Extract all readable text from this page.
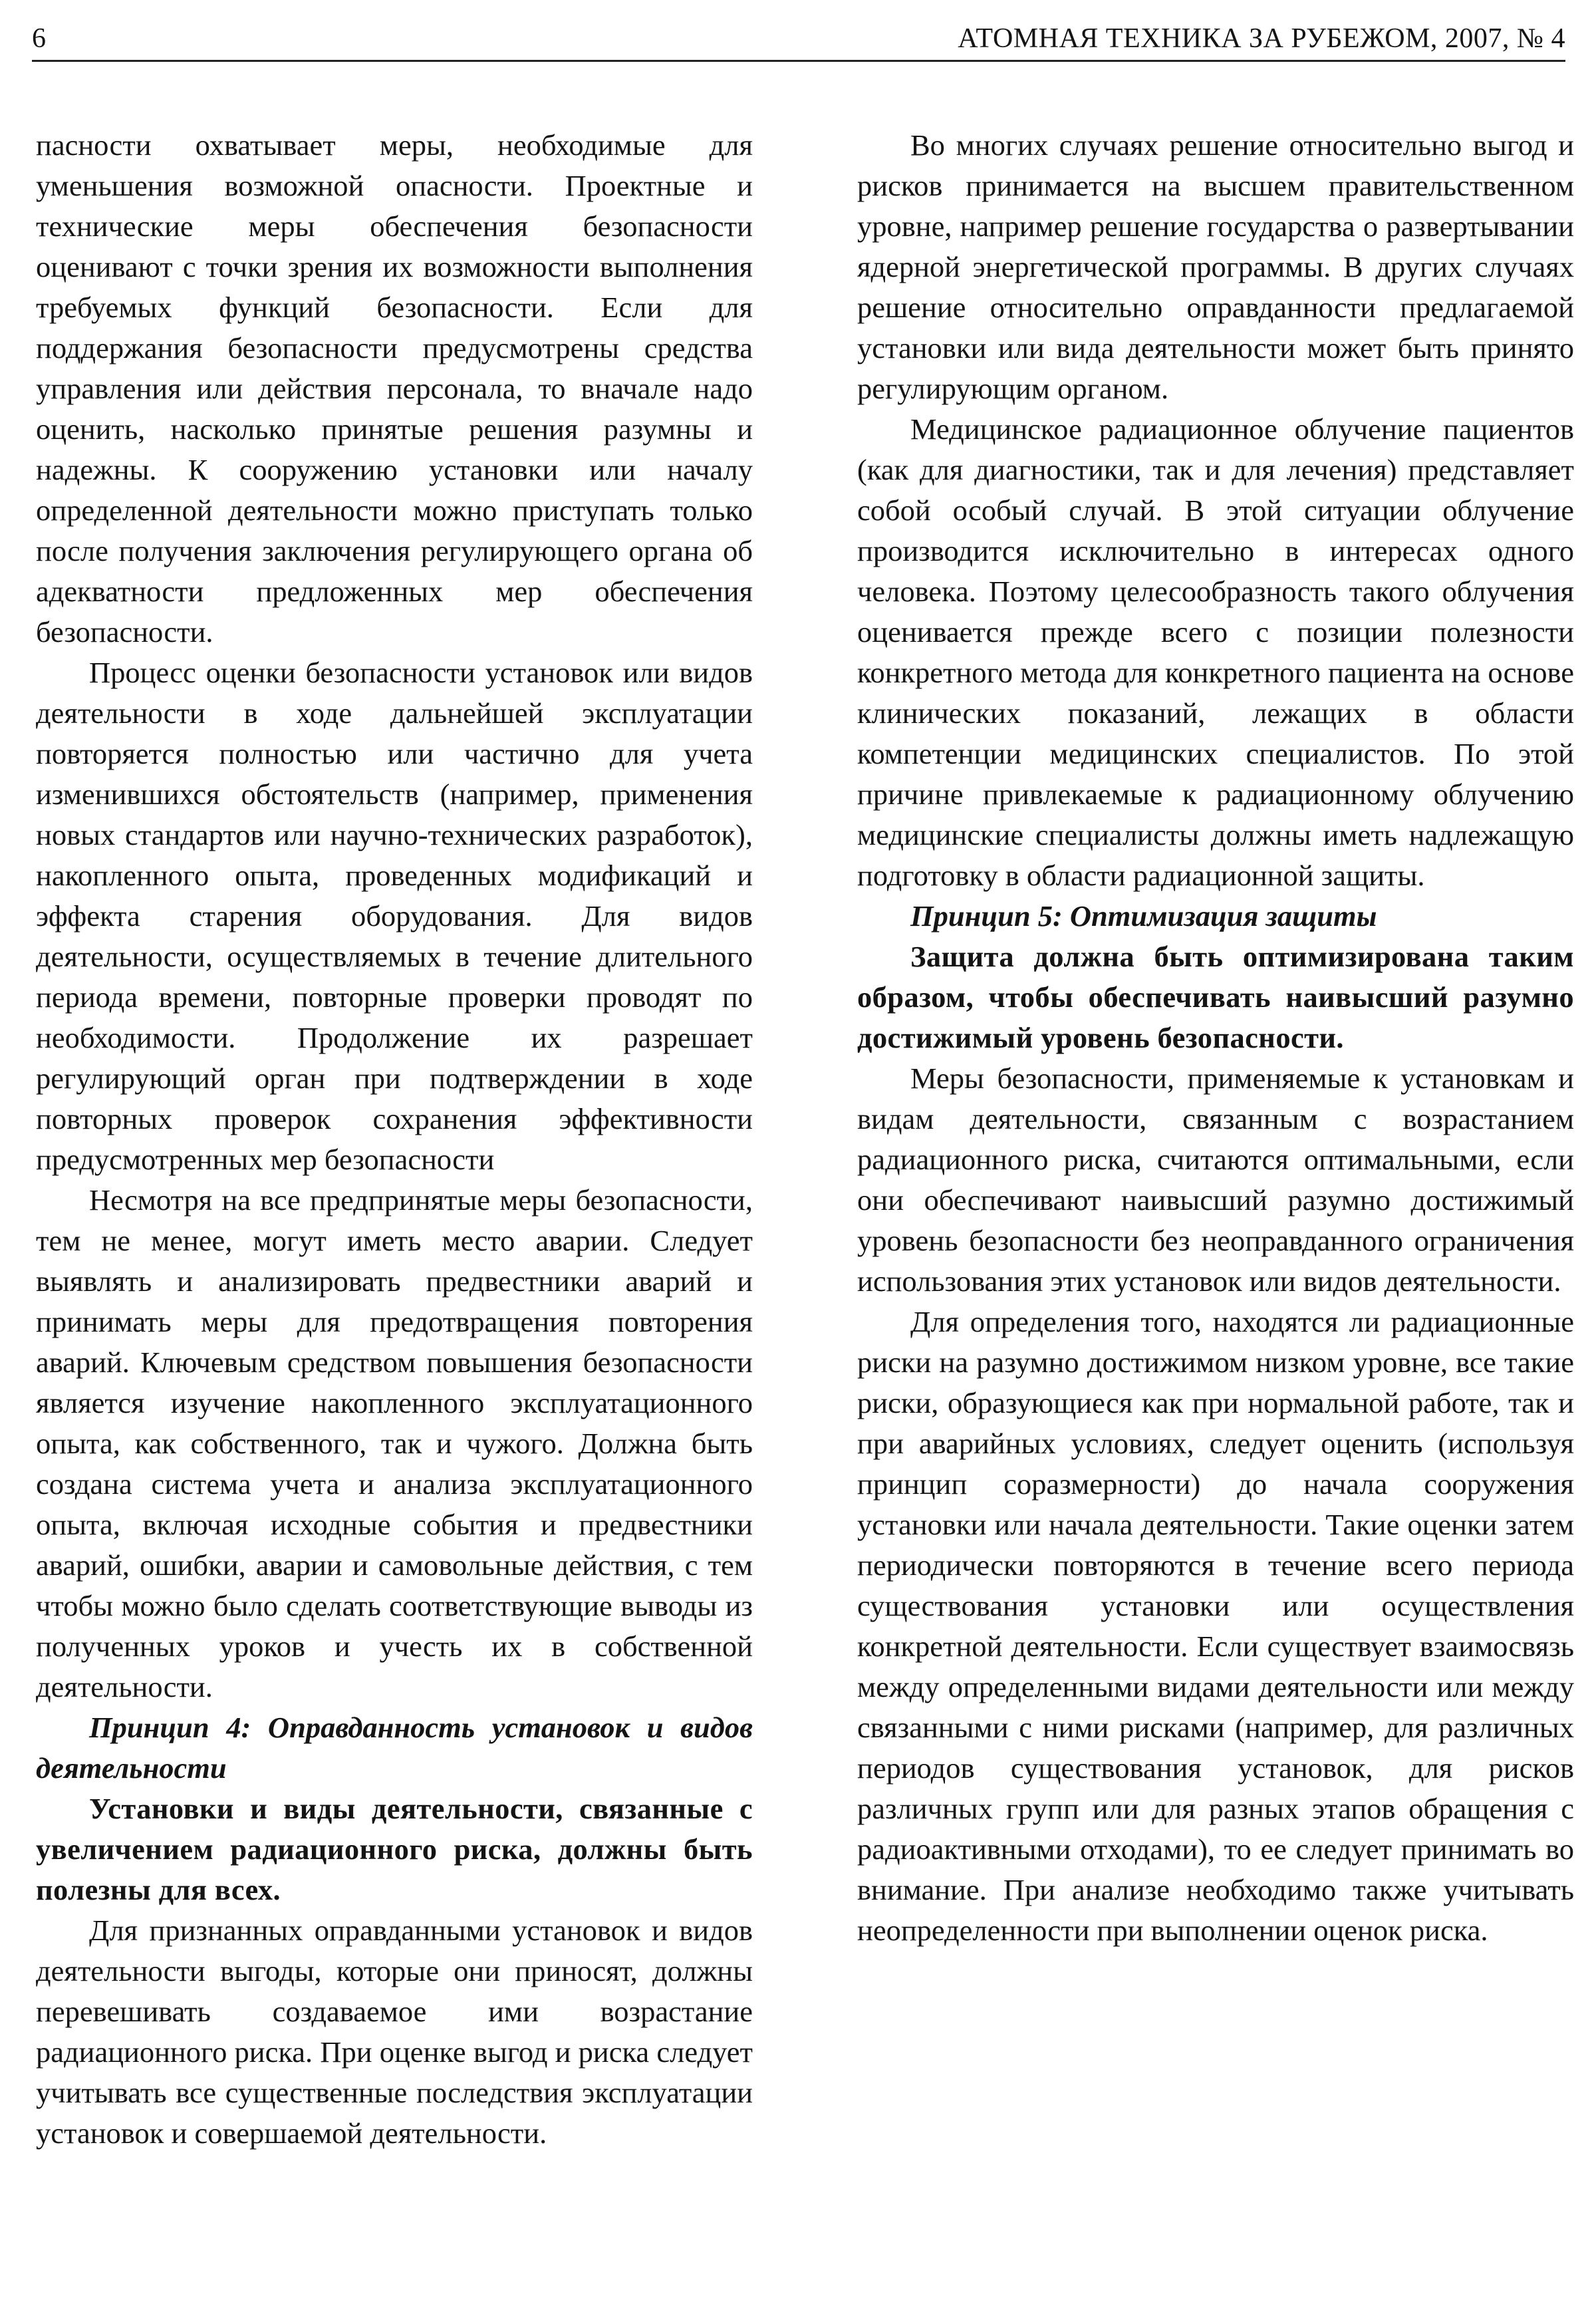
6	АТОМНАЯ ТЕХНИКА ЗА РУБЕЖОМ, 2007, № 4

пасности охватывает меры, необходимые для уменьшения возможной опасности. Проектные и технические меры обеспечения безопасности оценивают с точки зрения их возможности выполнения требуемых функций безопасности. Если для поддержания безопасности предусмотрены средства управления или действия персонала, то вначале надо оценить, насколько принятые решения разумны и надежны. К сооружению установки или началу определенной деятельности можно приступать только после получения заключения регулирующего органа об адекватности предложенных мер обеспечения безопасности.

Процесс оценки безопасности установок или видов деятельности в ходе дальнейшей эксплуатации повторяется полностью или частично для учета изменившихся обстоятельств (например, применения новых стандартов или научно-технических разработок), накопленного опыта, проведенных модификаций и эффекта старения оборудования. Для видов деятельности, осуществляемых в течение длительного периода времени, повторные проверки проводят по необходимости. Продолжение их разрешает регулирующий орган при подтверждении в ходе повторных проверок сохранения эффективности предусмотренных мер безопасности

Несмотря на все предпринятые меры безопасности, тем не менее, могут иметь место аварии. Следует выявлять и анализировать предвестники аварий и принимать меры для предотвращения повторения аварий. Ключевым средством повышения безопасности является изучение накопленного эксплуатационного опыта, как собственного, так и чужого. Должна быть создана система учета и анализа эксплуатационного опыта, включая исходные события и предвестники аварий, ошибки, аварии и самовольные действия, с тем чтобы можно было сделать соответствующие выводы из полученных уроков и учесть их в собственной деятельности.

Принцип 4: Оправданность установок и видов деятельности

Установки и виды деятельности, связанные с увеличением радиационного риска, должны быть полезны для всех.

Для признанных оправданными установок и видов деятельности выгоды, которые они приносят, должны перевешивать создаваемое ими возрастание радиационного риска. При оценке выгод и риска следует учитывать все существенные последствия эксплуатации установок и совершаемой деятельности.

Во многих случаях решение относительно выгод и рисков принимается на высшем правительственном уровне, например решение государства о развертывании ядерной энергетической программы. В других случаях решение относительно оправданности предлагаемой установки или вида деятельности может быть принято регулирующим органом.

Медицинское радиационное облучение пациентов (как для диагностики, так и для лечения) представляет собой особый случай. В этой ситуации облучение производится исключительно в интересах одного человека. Поэтому целесообразность такого облучения оценивается прежде всего с позиции полезности конкретного метода для конкретного пациента на основе клинических показаний, лежащих в области компетенции медицинских специалистов. По этой причине привлекаемые к радиационному облучению медицинские специалисты должны иметь надлежащую подготовку в области радиационной защиты.

Принцип 5: Оптимизация защиты

Защита должна быть оптимизирована таким образом, чтобы обеспечивать наивысший разумно достижимый уровень безопасности.

Меры безопасности, применяемые к установкам и видам деятельности, связанным с возрастанием радиационного риска, считаются оптимальными, если они обеспечивают наивысший разумно достижимый уровень безопасности без неоправданного ограничения использования этих установок или видов деятельности.

Для определения того, находятся ли радиационные риски на разумно достижимом низком уровне, все такие риски, образующиеся как при нормальной работе, так и при аварийных условиях, следует оценить (используя принцип соразмерности) до начала сооружения установки или начала деятельности. Такие оценки затем периодически повторяются в течение всего периода существования установки или осуществления конкретной деятельности. Если существует взаимосвязь между определенными видами деятельности или между связанными с ними рисками (например, для различных периодов существования установок, для рисков различных групп или для разных этапов обращения с радиоактивными отходами), то ее следует принимать во внимание. При анализе необходимо также учитывать неопределенности при выполнении оценок риска.
